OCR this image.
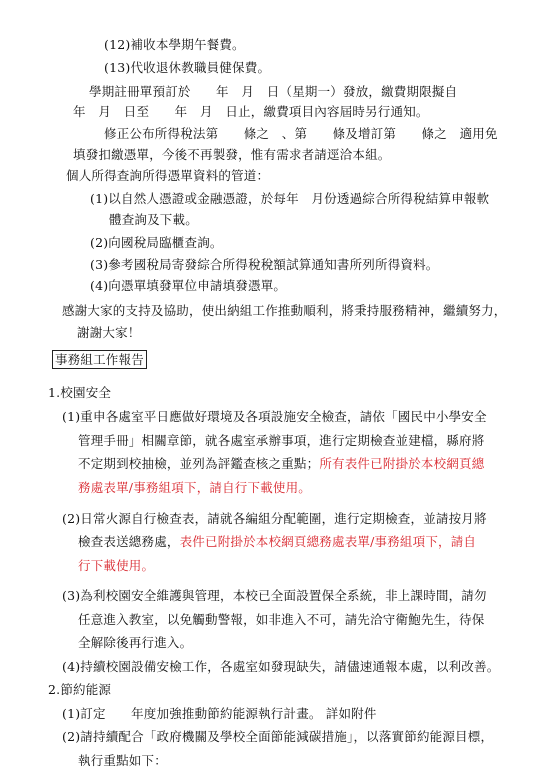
(12)補收本學期午餐費。
(13)代收退休教職員健保費。
學期註冊單預訂於　　年　月　日（星期一）發放，繳費期限擬自
年　月　日至　　年　月　日止，繳費項目內容屆時另行通知。
修正公布所得稅法第　　條之　、第　　條及增訂第　　條之　適用免
填發扣繳憑單，今後不再製發，惟有需求者請逕洽本組。
個人所得查詢所得憑單資料的管道：
(1)以自然人憑證或金融憑證，於每年　月份透過綜合所得稅結算申報軟
體查詢及下載。
(2)向國稅局臨櫃查詢。
(3)參考國稅局寄發綜合所得稅稅額試算通知書所列所得資料。
(4)向憑單填發單位申請填發憑單。
感謝大家的支持及協助，使出納組工作推動順利，將秉持服務精神，繼續努力，
謝謝大家！
事務組工作報告
1.校園安全
(1)重申各處室平日應做好環境及各項設施安全檢查，請依「國民中小學安全
管理手冊」相關章節，就各處室承辦事項，進行定期檢查並建檔，縣府將
不定期到校抽檢，並列為評鑑查核之重點；所有表件已附掛於本校網頁總
務處表單/事務組項下，請自行下載使用。
(2)日常火源自行檢查表，請就各編組分配範圍，進行定期檢查，並請按月將
檢查表送總務處，表件已附掛於本校網頁總務處表單/事務組項下，請自
行下載使用。
(3)為利校園安全維護與管理，本校已全面設置保全系統，非上課時間，請勿
任意進入教室，以免觸動警報，如非進入不可，請先洽守衛鮑先生，待保
全解除後再行進入。
(4)持續校園設備安檢工作，各處室如發現缺失，請儘速通報本處，以利改善。
2.節約能源
(1)訂定　　年度加強推動節約能源執行計畫。 詳如附件
(2)請持續配合「政府機關及學校全面節能減碳措施」，以落實節約能源目標，
執行重點如下：
